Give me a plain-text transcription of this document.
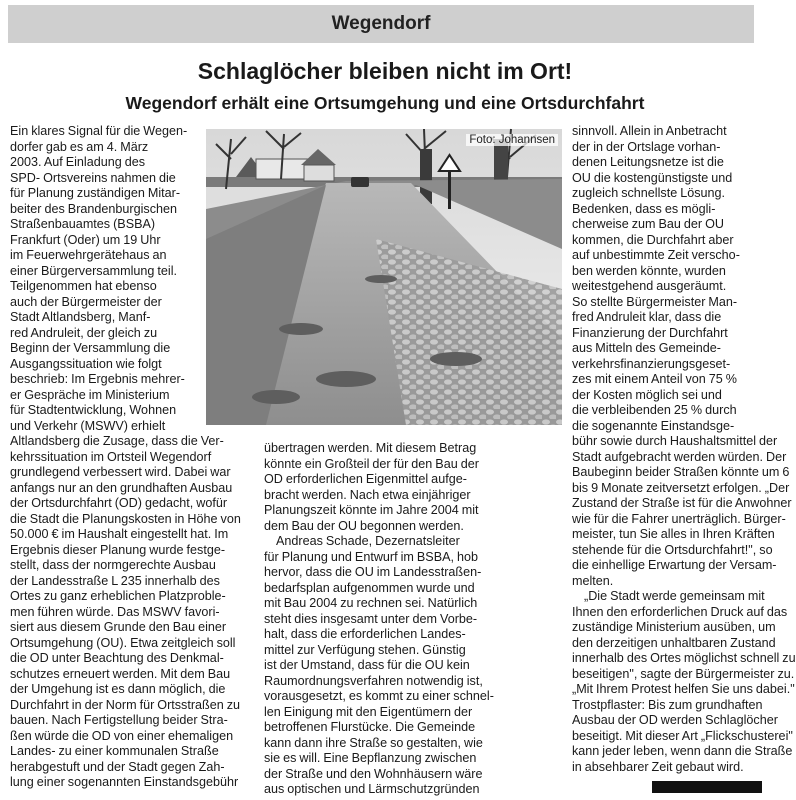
Wegendorf
Schlaglöcher bleiben nicht im Ort!
Wegendorf erhält eine Ortsumgehung und eine Ortsdurchfahrt

Ein klares Signal für die Wegen-

dorfer gab es am 4. März

2003. Auf Einladung des

SPD- Ortsvereins nahmen die

für Planung zuständigen Mitar-

beiter des Brandenburgischen

Straßenbauamtes (BSBA)

Frankfurt (Oder) um 19 Uhr

im Feuerwehrgerätehaus an

einer Bürgerversammlung teil.

Teilgenommen hat ebenso

auch der Bürgermeister der

Stadt Altlandsberg, Manf-

red Andruleit, der gleich zu

Beginn der Versammlung die

Ausgangssituation wie folgt

beschrieb: Im Ergebnis mehrer-

er Gespräche im Ministerium

für Stadtentwicklung, Wohnen

und Verkehr (MSWV) erhielt

Altlandsberg die Zusage, dass die Ver-

kehrssituation im Ortsteil Wegendorf

grundlegend verbessert wird. Dabei war

anfangs nur an den grundhaften Ausbau

der Ortsdurchfahrt (OD) gedacht, wofür

die Stadt die Planungskosten in Höhe von

50.000 € im Haushalt eingestellt hat. Im

Ergebnis dieser Planung wurde festge-

stellt, dass der normgerechte Ausbau

der Landesstraße L 235 innerhalb des

Ortes zu ganz erheblichen Platzproble-

men führen würde. Das MSWV favori-

siert aus diesem Grunde den Bau einer

Ortsumgehung (OU). Etwa zeitgleich soll

die OD unter Beachtung des Denkmal-

schutzes erneuert werden. Mit dem Bau

der Umgehung ist es dann möglich, die

Durchfahrt in der Norm für Ortsstraßen zu

bauen. Nach Fertigstellung beider Stra-

ßen würde die OD von einer ehemaligen

Landes- zu einer kommunalen Straße

herabgestuft und der Stadt gegen Zah-

lung einer sogenannten Einstandsgebühr

Foto: Johannsen

übertragen werden. Mit diesem Betrag

könnte ein Großteil der für den Bau der

OD erforderlichen Eigenmittel aufge-

bracht werden. Nach etwa einjähriger

Planungszeit könnte im Jahre 2004 mit

dem Bau der OU begonnen werden.

Andreas Schade, Dezernatsleiter

für Planung und Entwurf im BSBA, hob

hervor, dass die OU im Landesstraßen-

bedarfsplan aufgenommen wurde und

mit Bau 2004 zu rechnen sei. Natürlich

steht dies insgesamt unter dem Vorbe-

halt, dass die erforderlichen Landes-

mittel zur Verfügung stehen. Günstig

ist der Umstand, dass für die OU kein

Raumordnungsverfahren notwendig ist,

vorausgesetzt, es kommt zu einer schnel-

len Einigung mit den Eigentümern der

betroffenen Flurstücke. Die Gemeinde

kann dann ihre Straße so gestalten, wie

sie es will. Eine Bepflanzung zwischen

der Straße und den Wohnhäusern wäre

aus optischen und Lärmschutzgründen

sinnvoll. Allein in Anbetracht

der in der Ortslage vorhan-

denen Leitungsnetze ist die

OU die kostengünstigste und

zugleich schnellste Lösung.

Bedenken, dass es mögli-

cherweise zum Bau der OU

kommen, die Durchfahrt aber

auf unbestimmte Zeit verscho-

ben werden könnte, wurden

weitestgehend ausgeräumt.

So stellte Bürgermeister Man-

fred Andruleit klar, dass die

Finanzierung der Durchfahrt

aus Mitteln des Gemeinde-

verkehrsfinanzierungsgeset-

zes mit einem Anteil von 75 %

der Kosten möglich sei und

die verbleibenden 25 % durch

die sogenannte Einstandsge-

bühr sowie durch Haushaltsmittel der

Stadt aufgebracht werden würden. Der

Baubeginn beider Straßen könnte um 6

bis 9 Monate zeitversetzt erfolgen. „Der

Zustand der Straße ist für die Anwohner

wie für die Fahrer unerträglich. Bürger-

meister, tun Sie alles in Ihren Kräften

stehende für die Ortsdurchfahrt!", so

die einhellige Erwartung der Versam-

melten.

„Die Stadt werde gemeinsam mit

Ihnen den erforderlichen Druck auf das

zuständige Ministerium ausüben, um

den derzeitigen unhaltbaren Zustand

innerhalb des Ortes möglichst schnell zu

beseitigen", sagte der Bürgermeister zu.

„Mit Ihrem Protest helfen Sie uns dabei."

Trostpflaster: Bis zum grundhaften

Ausbau der OD werden Schlaglöcher

beseitigt. Mit dieser Art „Flickschusterei"

kann jeder leben, wenn dann die Straße

in absehbarer Zeit gebaut wird.
